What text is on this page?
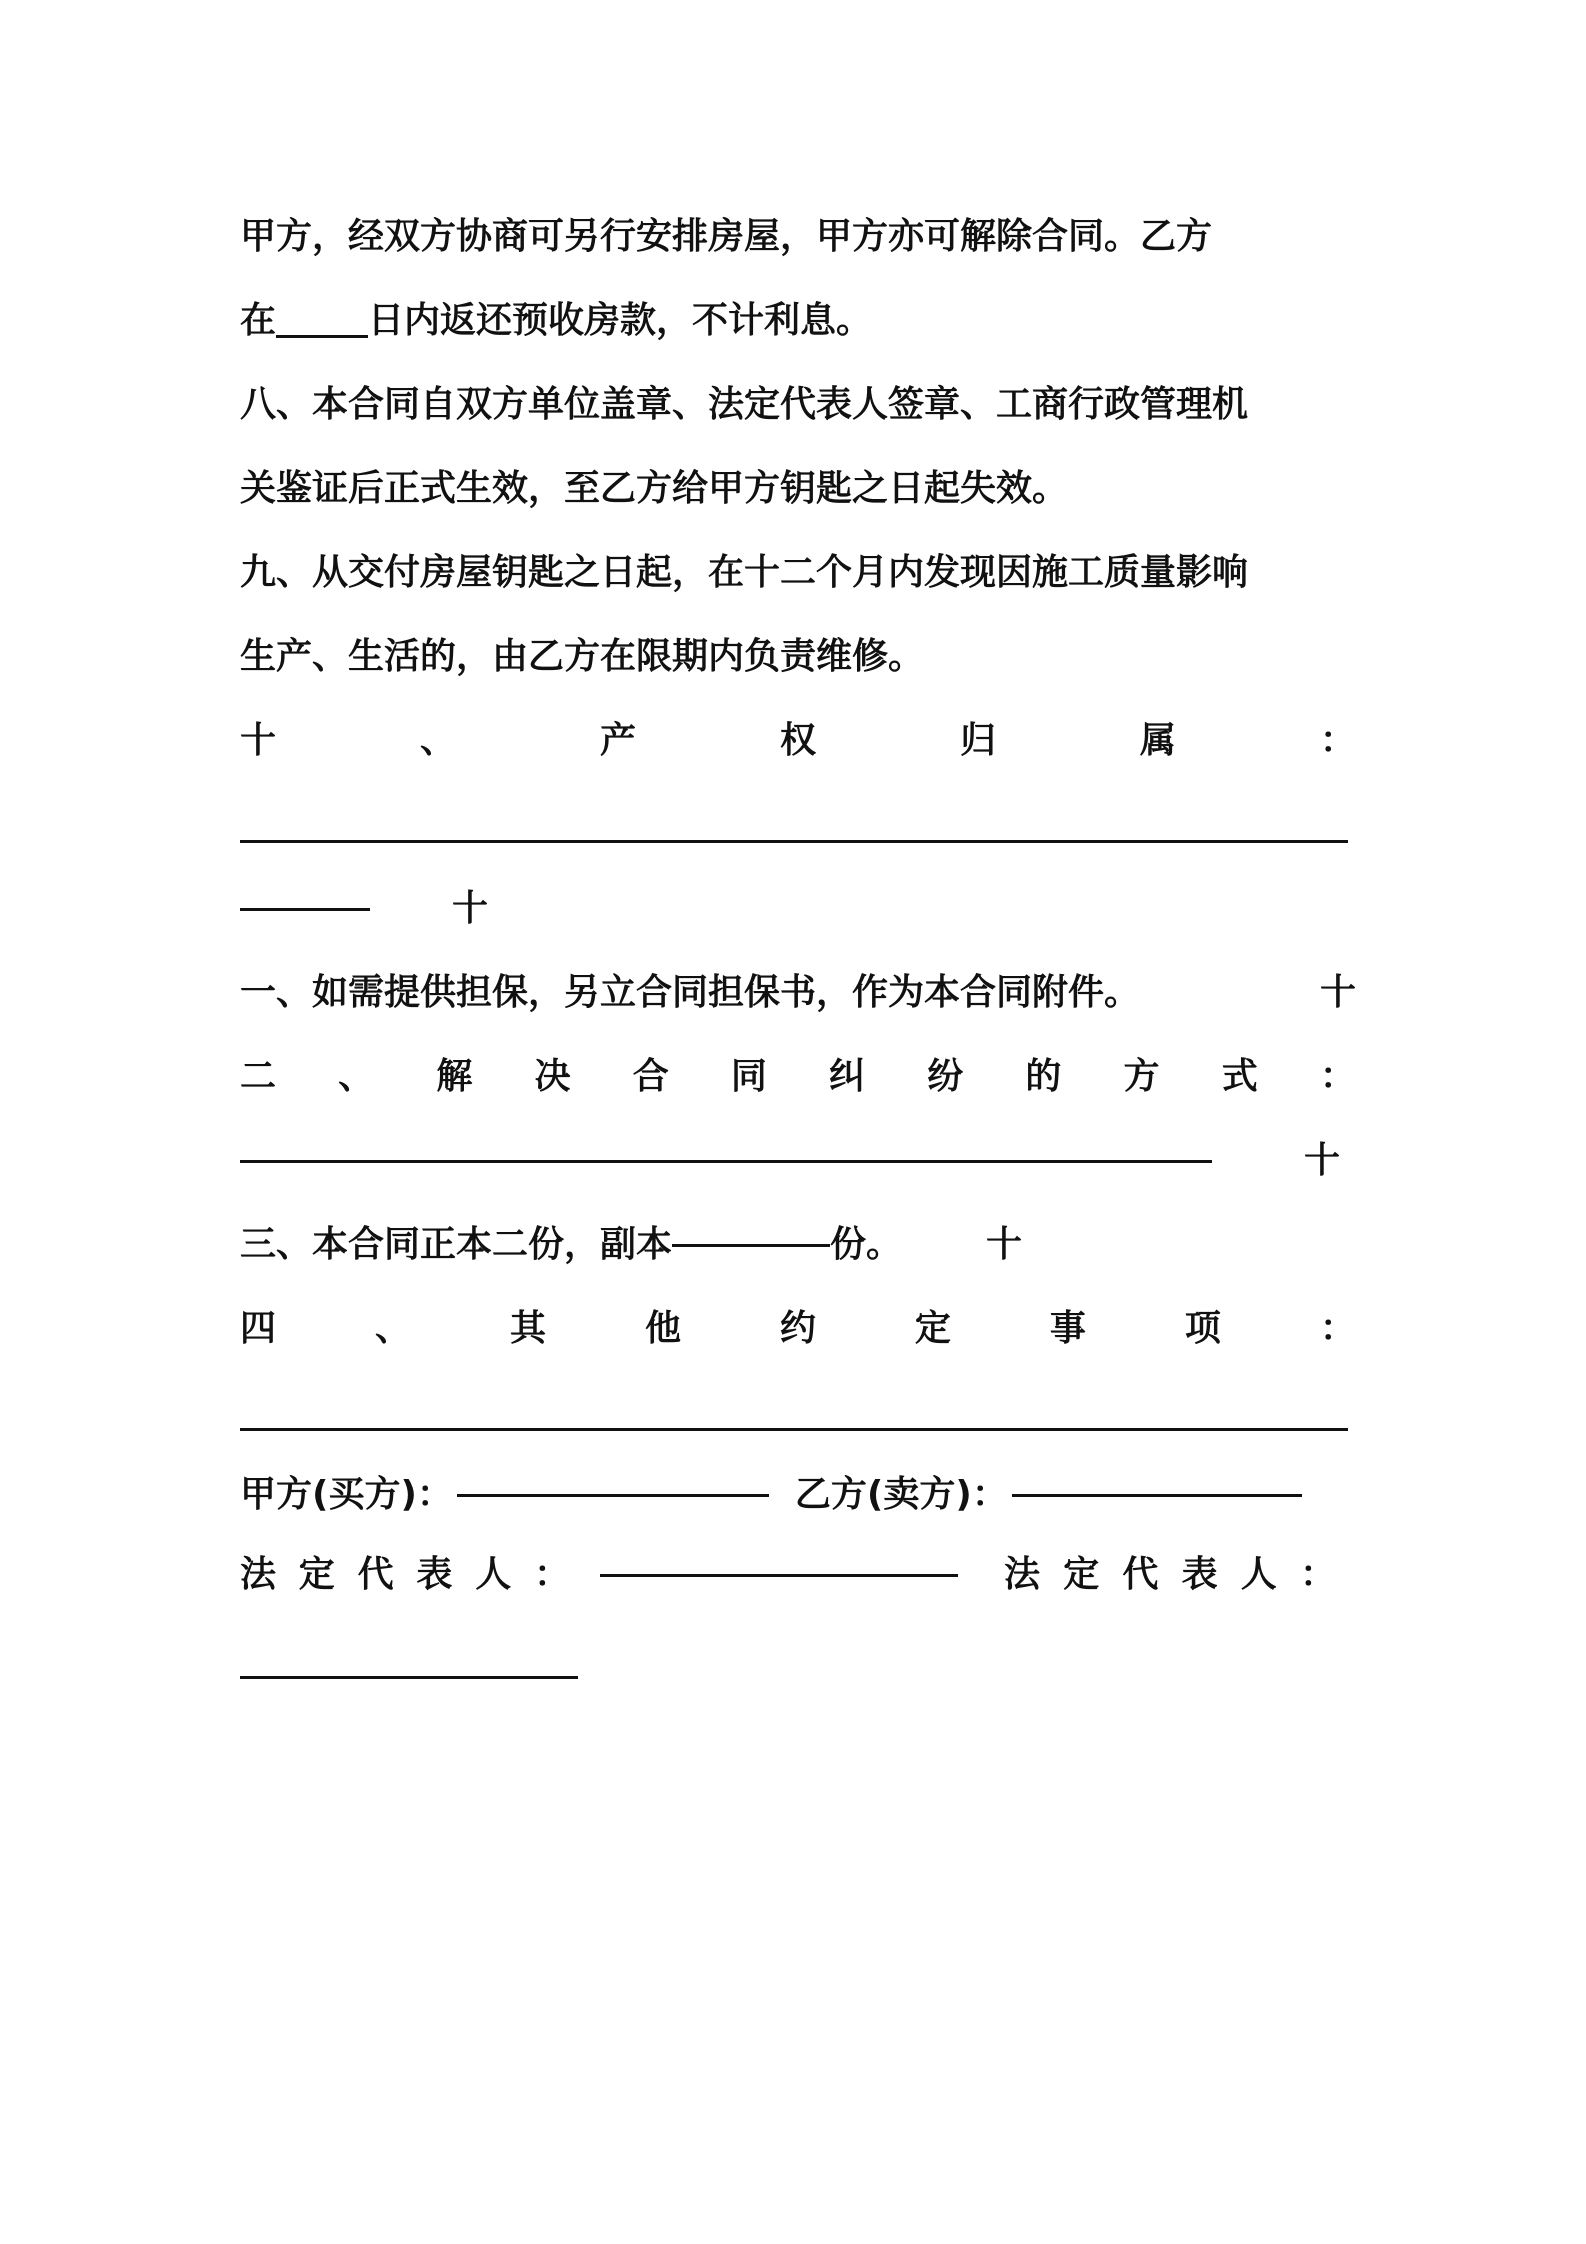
甲方，经双方协商可另行安排房屋，甲方亦可解除合同。乙方
在	日内返还预收房款，不计利息。
八、本合同自双方单位盖章、法定代表人签章、工商行政管理机
关鉴证后正式生效，至乙方给甲方钥匙之日起失效。
九、从交付房屋钥匙之日起，在十二个月内发现因施工质量影响
生产、生活的，由乙方在限期内负责维修。
十	、	产	权	归	属	：
十
一、如需提供担保，另立合同担保书，作为本合同附件。	十
二 、 解 决 合 同 纠 纷 的 方 式 ：
十
三、本合同正本二份，副本	份。 十
四	、	其	他	约	定	事	项	：
甲方(买方)：	乙方(卖方)：
法 定 代 表 人 ：	法 定 代 表 人 ：
